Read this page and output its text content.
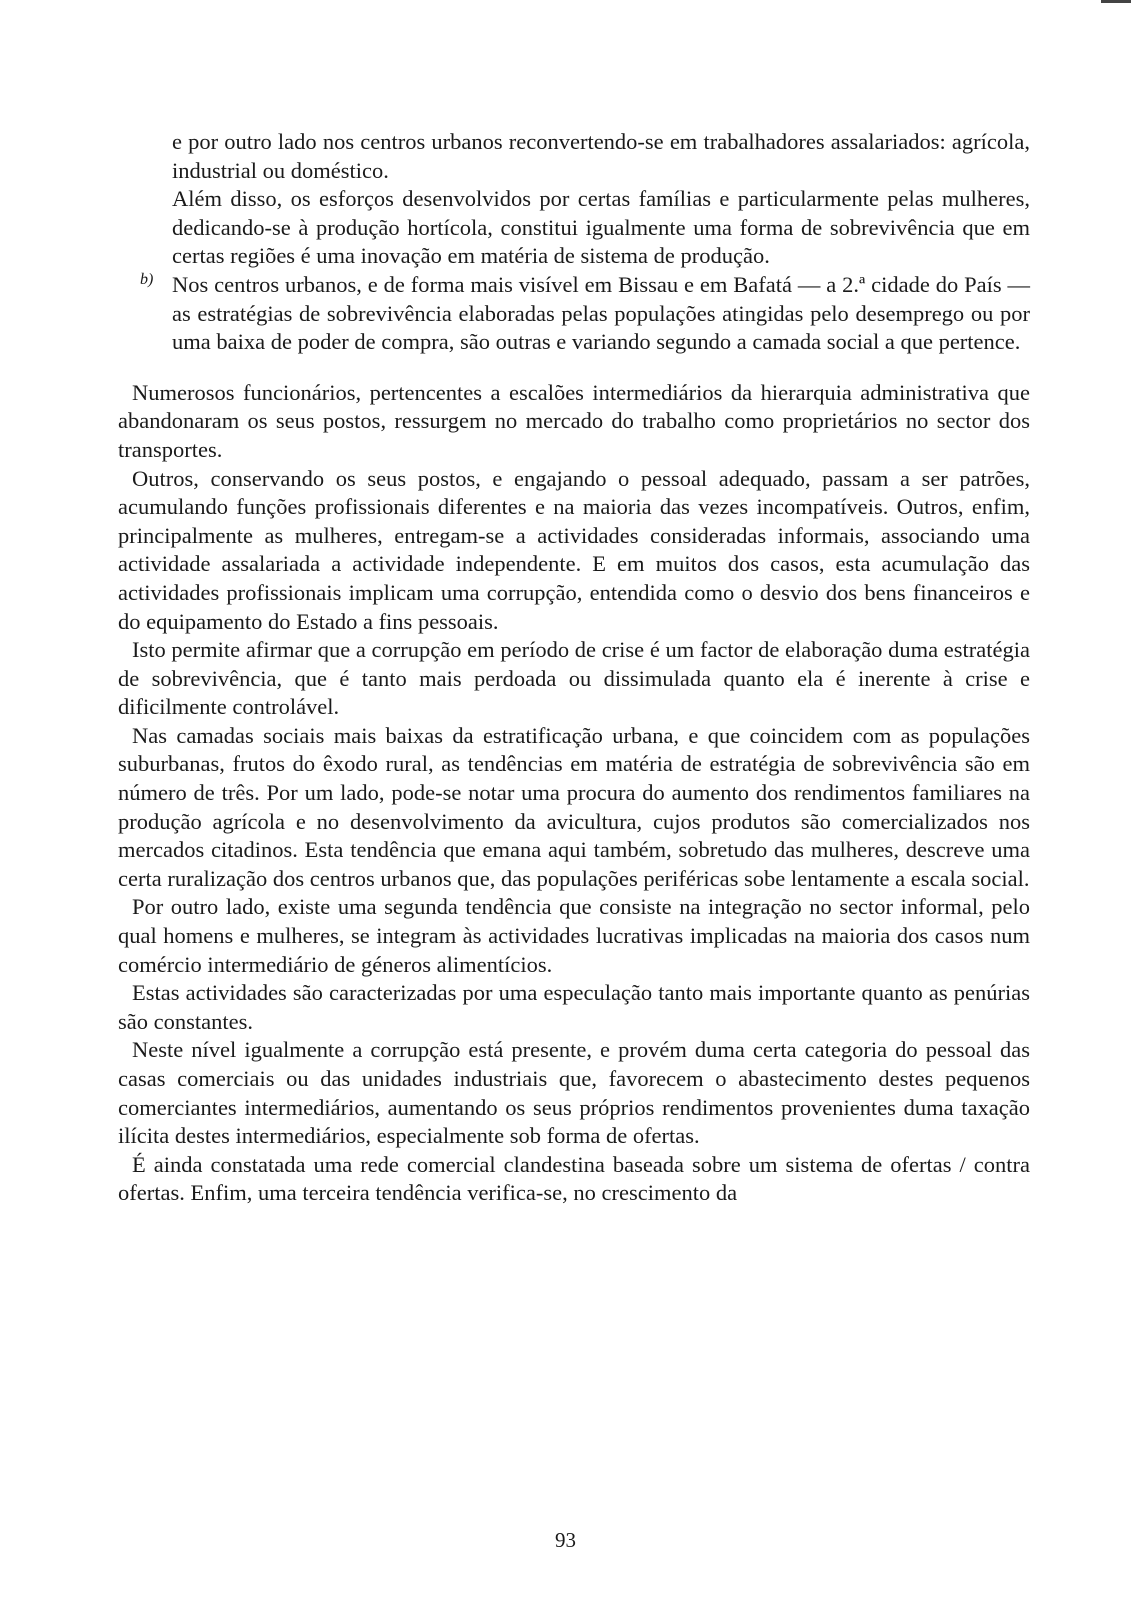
e por outro lado nos centros urbanos reconvertendo-se em trabalhadores assalariados: agrícola, industrial ou doméstico.

Além disso, os esforços desenvolvidos por certas famílias e particularmente pelas mulheres, dedicando-se à produção hortícola, constitui igualmente uma forma de sobrevivência que em certas regiões é uma inovação em matéria de sistema de produção.

b) Nos centros urbanos, e de forma mais visível em Bissau e em Bafatá — a 2.ª cidade do País — as estratégias de sobrevivência elaboradas pelas populações atingidas pelo desemprego ou por uma baixa de poder de compra, são outras e variando segundo a camada social a que pertence.

Numerosos funcionários, pertencentes a escalões intermediários da hierarquia administrativa que abandonaram os seus postos, ressurgem no mercado do trabalho como proprietários no sector dos transportes.

Outros, conservando os seus postos, e engajando o pessoal adequado, passam a ser patrões, acumulando funções profissionais diferentes e na maioria das vezes incompatíveis. Outros, enfim, principalmente as mulheres, entregam-se a actividades consideradas informais, associando uma actividade assalariada a actividade independente. E em muitos dos casos, esta acumulação das actividades profissionais implicam uma corrupção, entendida como o desvio dos bens financeiros e do equipamento do Estado a fins pessoais.

Isto permite afirmar que a corrupção em período de crise é um factor de elaboração duma estratégia de sobrevivência, que é tanto mais perdoada ou dissimulada quanto ela é inerente à crise e dificilmente controlável.

Nas camadas sociais mais baixas da estratificação urbana, e que coincidem com as populações suburbanas, frutos do êxodo rural, as tendências em matéria de estratégia de sobrevivência são em número de três. Por um lado, pode-se notar uma procura do aumento dos rendimentos familiares na produção agrícola e no desenvolvimento da avicultura, cujos produtos são comercializados nos mercados citadinos. Esta tendência que emana aqui também, sobretudo das mulheres, descreve uma certa ruralização dos centros urbanos que, das populações periféricas sobe lentamente a escala social.

Por outro lado, existe uma segunda tendência que consiste na integração no sector informal, pelo qual homens e mulheres, se integram às actividades lucrativas implicadas na maioria dos casos num comércio intermediário de géneros alimentícios.

Estas actividades são caracterizadas por uma especulação tanto mais importante quanto as penúrias são constantes.

Neste nível igualmente a corrupção está presente, e provém duma certa categoria do pessoal das casas comerciais ou das unidades industriais que, favorecem o abastecimento destes pequenos comerciantes intermediários, aumentando os seus próprios rendimentos provenientes duma taxação ilícita destes intermediários, especialmente sob forma de ofertas.

É ainda constatada uma rede comercial clandestina baseada sobre um sistema de ofertas / contra ofertas. Enfim, uma terceira tendência verifica-se, no crescimento da

93
